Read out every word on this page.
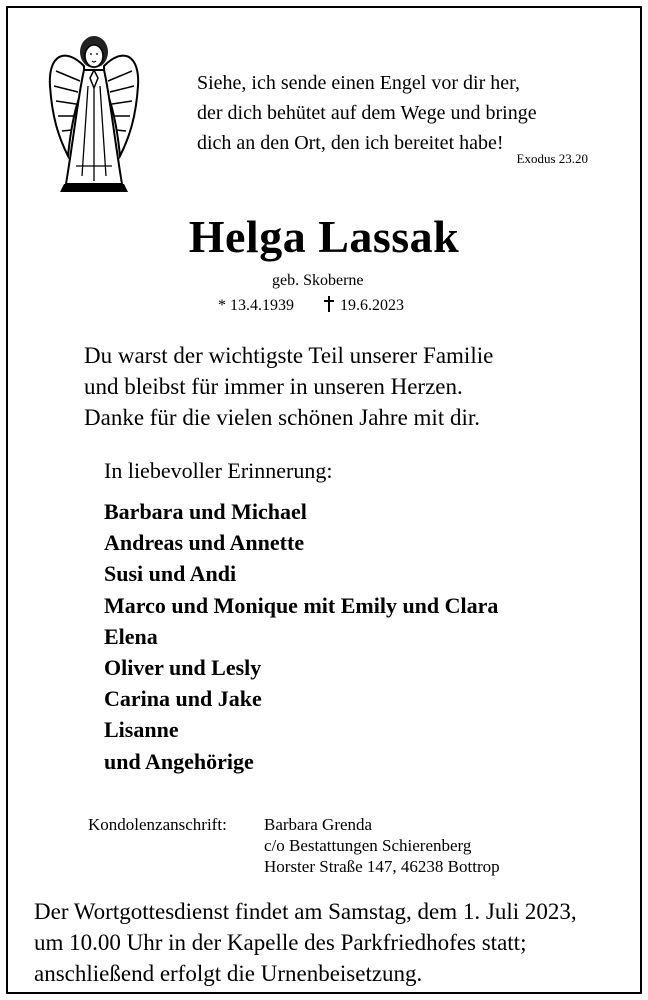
Siehe, ich sende einen Engel vor dir her,
der dich behütet auf dem Wege und bringe
dich an den Ort, den ich bereitet habe!
Exodus 23.20
Helga Lassak
geb. Skoberne
* 13.4.1939	19.6.2023
Du warst der wichtigste Teil unserer Familie
und bleibst für immer in unseren Herzen.
Danke für die vielen schönen Jahre mit dir.
In liebevoller Erinnerung:
Barbara und Michael
Andreas und Annette
Susi und Andi
Marco und Monique mit Emily und Clara
Elena
Oliver und Lesly
Carina und Jake
Lisanne
und Angehörige
Kondolenzanschrift: Barbara Grenda
c/o Bestattungen Schierenberg
Horster Straße 147, 46238 Bottrop
Der Wortgottesdienst findet am Samstag, dem 1. Juli 2023,
um 10.00 Uhr in der Kapelle des Parkfriedhofes statt;
anschließend erfolgt die Urnenbeisetzung.
